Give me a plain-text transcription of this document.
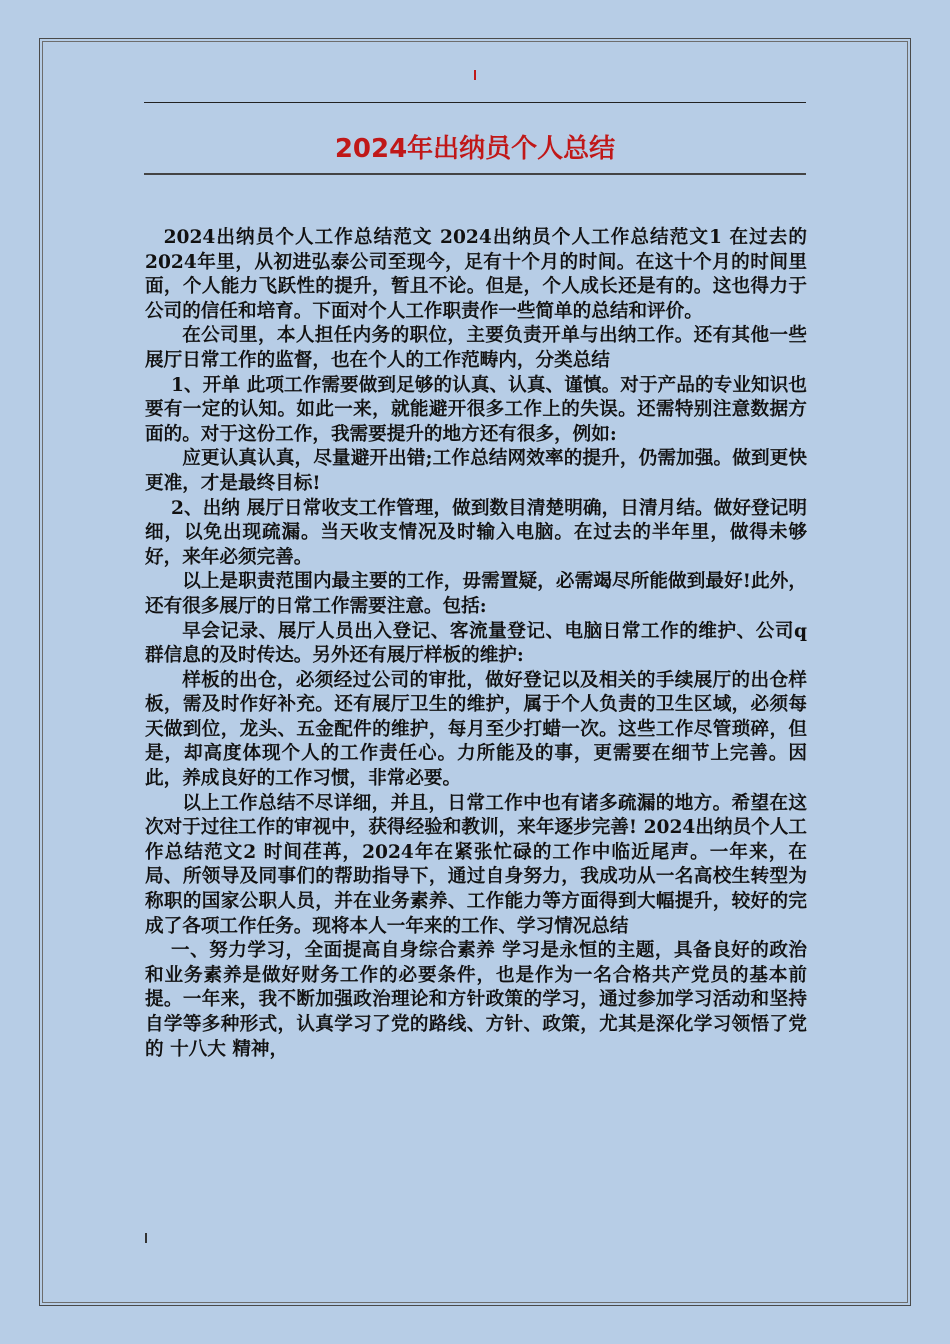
2024年出纳员个人总结

2024出纳员个人工作总结范文 2024出纳员个人工作总结范文1 在过去的2024年里，从初进弘泰公司至现今，足有十个月的时间。在这十个月的时间里面，个人能力飞跃性的提升，暂且不论。但是，个人成长还是有的。这也得力于公司的信任和培育。下面对个人工作职责作一些简单的总结和评价。

在公司里，本人担任内务的职位，主要负责开单与出纳工作。还有其他一些展厅日常工作的监督，也在个人的工作范畴内，分类总结

1、开单 此项工作需要做到足够的认真、认真、谨慎。对于产品的专业知识也要有一定的认知。如此一来，就能避开很多工作上的失误。还需特别注意数据方面的。对于这份工作，我需要提升的地方还有很多，例如:

应更认真认真，尽量避开出错;工作总结网效率的提升，仍需加强。做到更快更准，才是最终目标!

2、出纳 展厅日常收支工作管理，做到数目清楚明确，日清月结。做好登记明细，以免出现疏漏。当天收支情况及时输入电脑。在过去的半年里，做得未够好，来年必须完善。

以上是职责范围内最主要的工作，毋需置疑，必需竭尽所能做到最好!此外，还有很多展厅的日常工作需要注意。包括:

早会记录、展厅人员出入登记、客流量登记、电脑日常工作的维护、公司q群信息的及时传达。另外还有展厅样板的维护:

样板的出仓，必须经过公司的审批，做好登记以及相关的手续展厅的出仓样板，需及时作好补充。还有展厅卫生的维护，属于个人负责的卫生区域，必须每天做到位，龙头、五金配件的维护，每月至少打蜡一次。这些工作尽管琐碎，但是，却高度体现个人的工作责任心。力所能及的事，更需要在细节上完善。因此，养成良好的工作习惯，非常必要。

以上工作总结不尽详细，并且，日常工作中也有诸多疏漏的地方。希望在这次对于过往工作的审视中，获得经验和教训，来年逐步完善! 2024出纳员个人工作总结范文2 时间荏苒，2024年在紧张忙碌的工作中临近尾声。一年来，在局、所领导及同事们的帮助指导下，通过自身努力，我成功从一名高校生转型为称职的国家公职人员，并在业务素养、工作能力等方面得到大幅提升，较好的完成了各项工作任务。现将本人一年来的工作、学习情况总结

一、努力学习，全面提高自身综合素养 学习是永恒的主题，具备良好的政治和业务素养是做好财务工作的必要条件，也是作为一名合格共产党员的基本前提。一年来，我不断加强政治理论和方针政策的学习，通过参加学习活动和坚持自学等多种形式，认真学习了党的路线、方针、政策，尤其是深化学习领悟了党的 十八大 精神，
